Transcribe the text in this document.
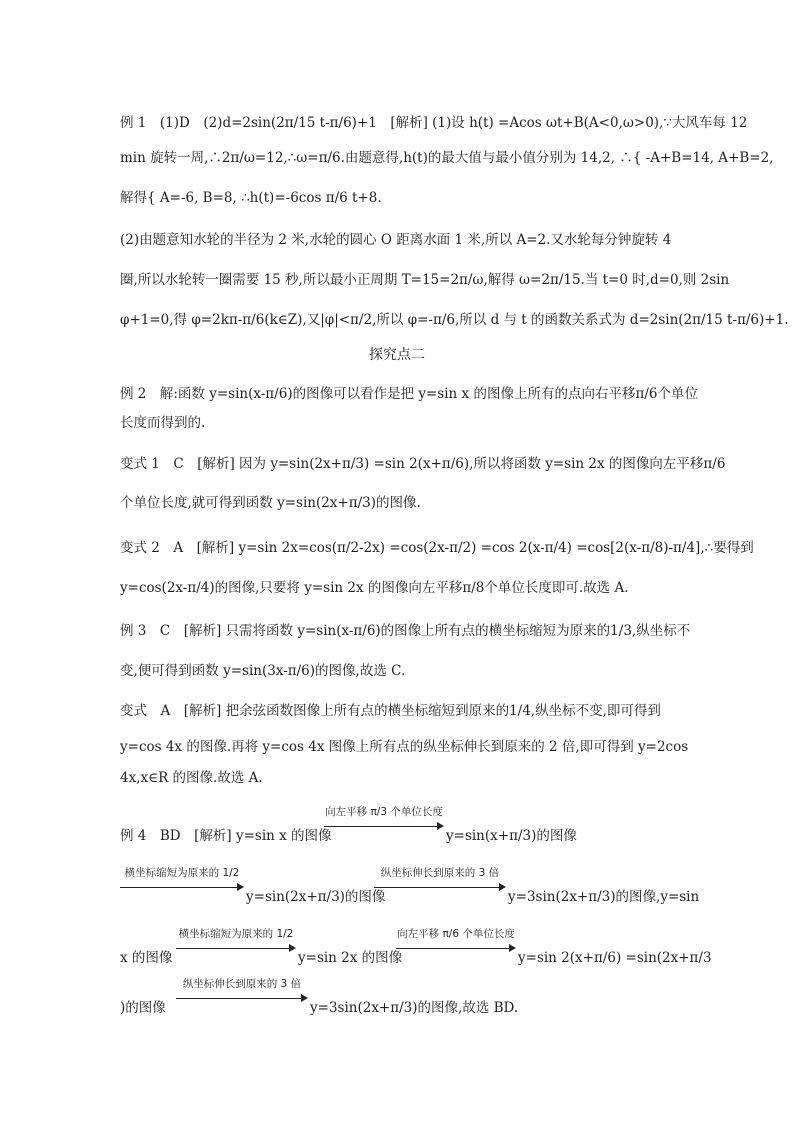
例 1　(1)D　(2)d=2sin(2π/15 t-π/6)+1　[解析] (1)设 h(t) =Acos ωt+B(A<0,ω>0),∵大风车每 12
min 旋转一周,∴2π/ω=12,∴ω=π/6.由题意得,h(t)的最大值与最小值分别为 14,2, ∴{ -A+B=14, A+B=2,
解得{ A=-6, B=8, ∴h(t)=-6cos π/6 t+8.
(2)由题意知水轮的半径为 2 米,水轮的圆心 O 距离水面 1 米,所以 A=2.又水轮每分钟旋转 4
圈,所以水轮转一圈需要 15 秒,所以最小正周期 T=15=2π/ω,解得 ω=2π/15.当 t=0 时,d=0,则 2sin
φ+1=0,得 φ=2kπ-π/6(k∈Z),又|φ|<π/2,所以 φ=-π/6,所以 d 与 t 的函数关系式为 d=2sin(2π/15 t-π/6)+1.
例 2　解:函数 y=sin(x-π/6)的图像可以看作是把 y=sin x 的图像上所有的点向右平移π/6个单位
长度而得到的.
变式 1　C　[解析] 因为 y=sin(2x+π/3) =sin 2(x+π/6),所以将函数 y=sin 2x 的图像向左平移π/6
个单位长度,就可得到函数 y=sin(2x+π/3)的图像.
变式 2　A　[解析] y=sin 2x=cos(π/2-2x) =cos(2x-π/2) =cos 2(x-π/4) =cos[2(x-π/8)-π/4],∴要得到
y=cos(2x-π/4)的图像,只要将 y=sin 2x 的图像向左平移π/8个单位长度即可.故选 A.
例 3　C　[解析] 只需将函数 y=sin(x-π/6)的图像上所有点的横坐标缩短为原来的1/3,纵坐标不
变,便可得到函数 y=sin(3x-π/6)的图像,故选 C.
变式　A　[解析] 把余弦函数图像上所有点的横坐标缩短到原来的1/4,纵坐标不变,即可得到
y=cos 4x 的图像.再将 y=cos 4x 图像上所有点的纵坐标伸长到原来的 2 倍,即可得到 y=2cos
4x,x∈R 的图像.故选 A.
探究点二
例 4　BD　[解析] y=sin x 的图像
向左平移 π/3 个单位长度
y=sin(x+π/3)的图像
横坐标缩短为原来的 1/2
y=sin(2x+π/3)的图像
纵坐标伸长到原来的 3 倍
y=3sin(2x+π/3)的图像,y=sin
x 的图像
横坐标缩短为原来的 1/2
y=sin 2x 的图像
向左平移 π/6 个单位长度
y=sin 2(x+π/6) =sin(2x+π/3
)的图像
纵坐标伸长到原来的 3 倍
y=3sin(2x+π/3)的图像,故选 BD.
